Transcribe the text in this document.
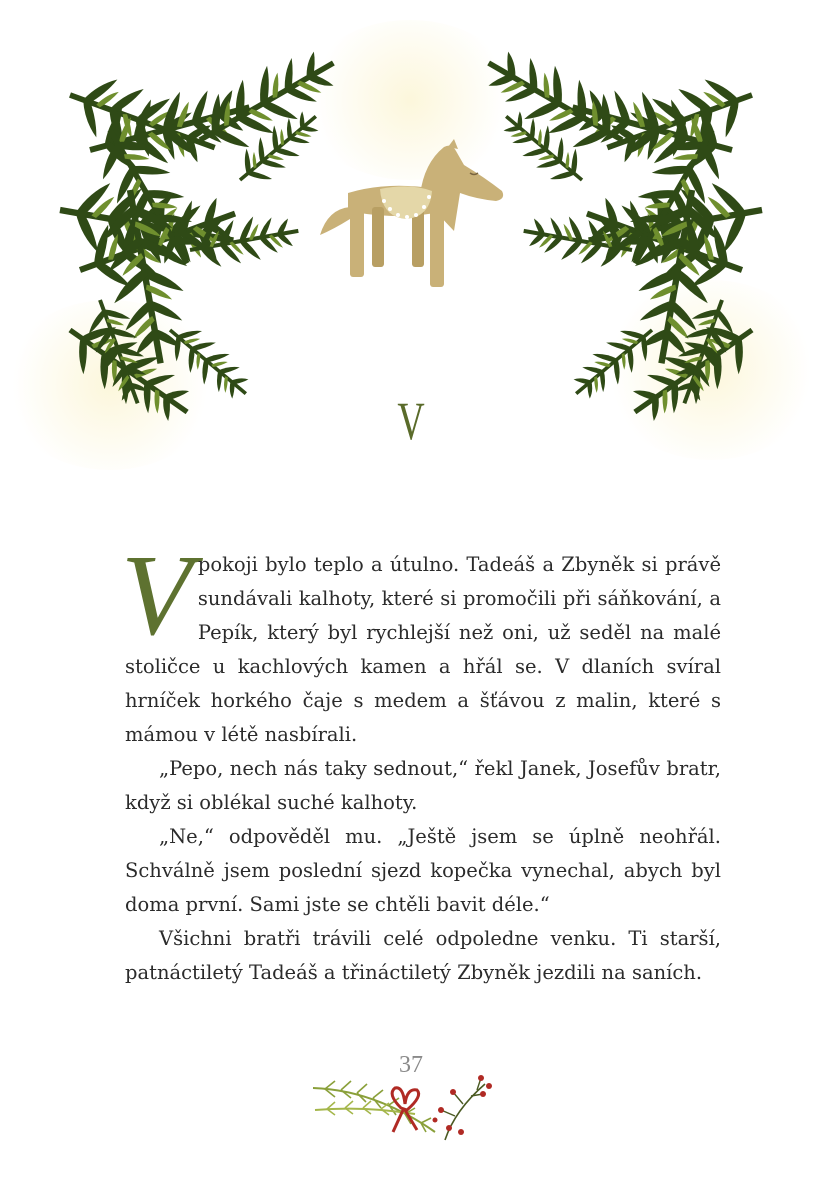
V

V pokoji bylo teplo a útulno. Tadeáš a Zbyněk si právě sundávali kalhoty, které si promočili při sáňkování, a Pepík, který byl rychlejší než oni, už seděl na malé stoličce u kachlových kamen a hřál se. V dlaních svíral hrníček horkého čaje s medem a šťávou z malin, které s mámou v létě nasbírali.

„Pepo, nech nás taky sednout,“ řekl Janek, Josefův bratr, když si oblékal suché kalhoty.

„Ne,“ odpověděl mu. „Ještě jsem se úplně neohřál. Schválně jsem poslední sjezd kopečka vynechal, abych byl doma první. Sami jste se chtěli bavit déle.“

Všichni bratři trávili celé odpoledne venku. Ti starší, patnáctiletý Tadeáš a třináctiletý Zbyněk jezdili na saních.

37
